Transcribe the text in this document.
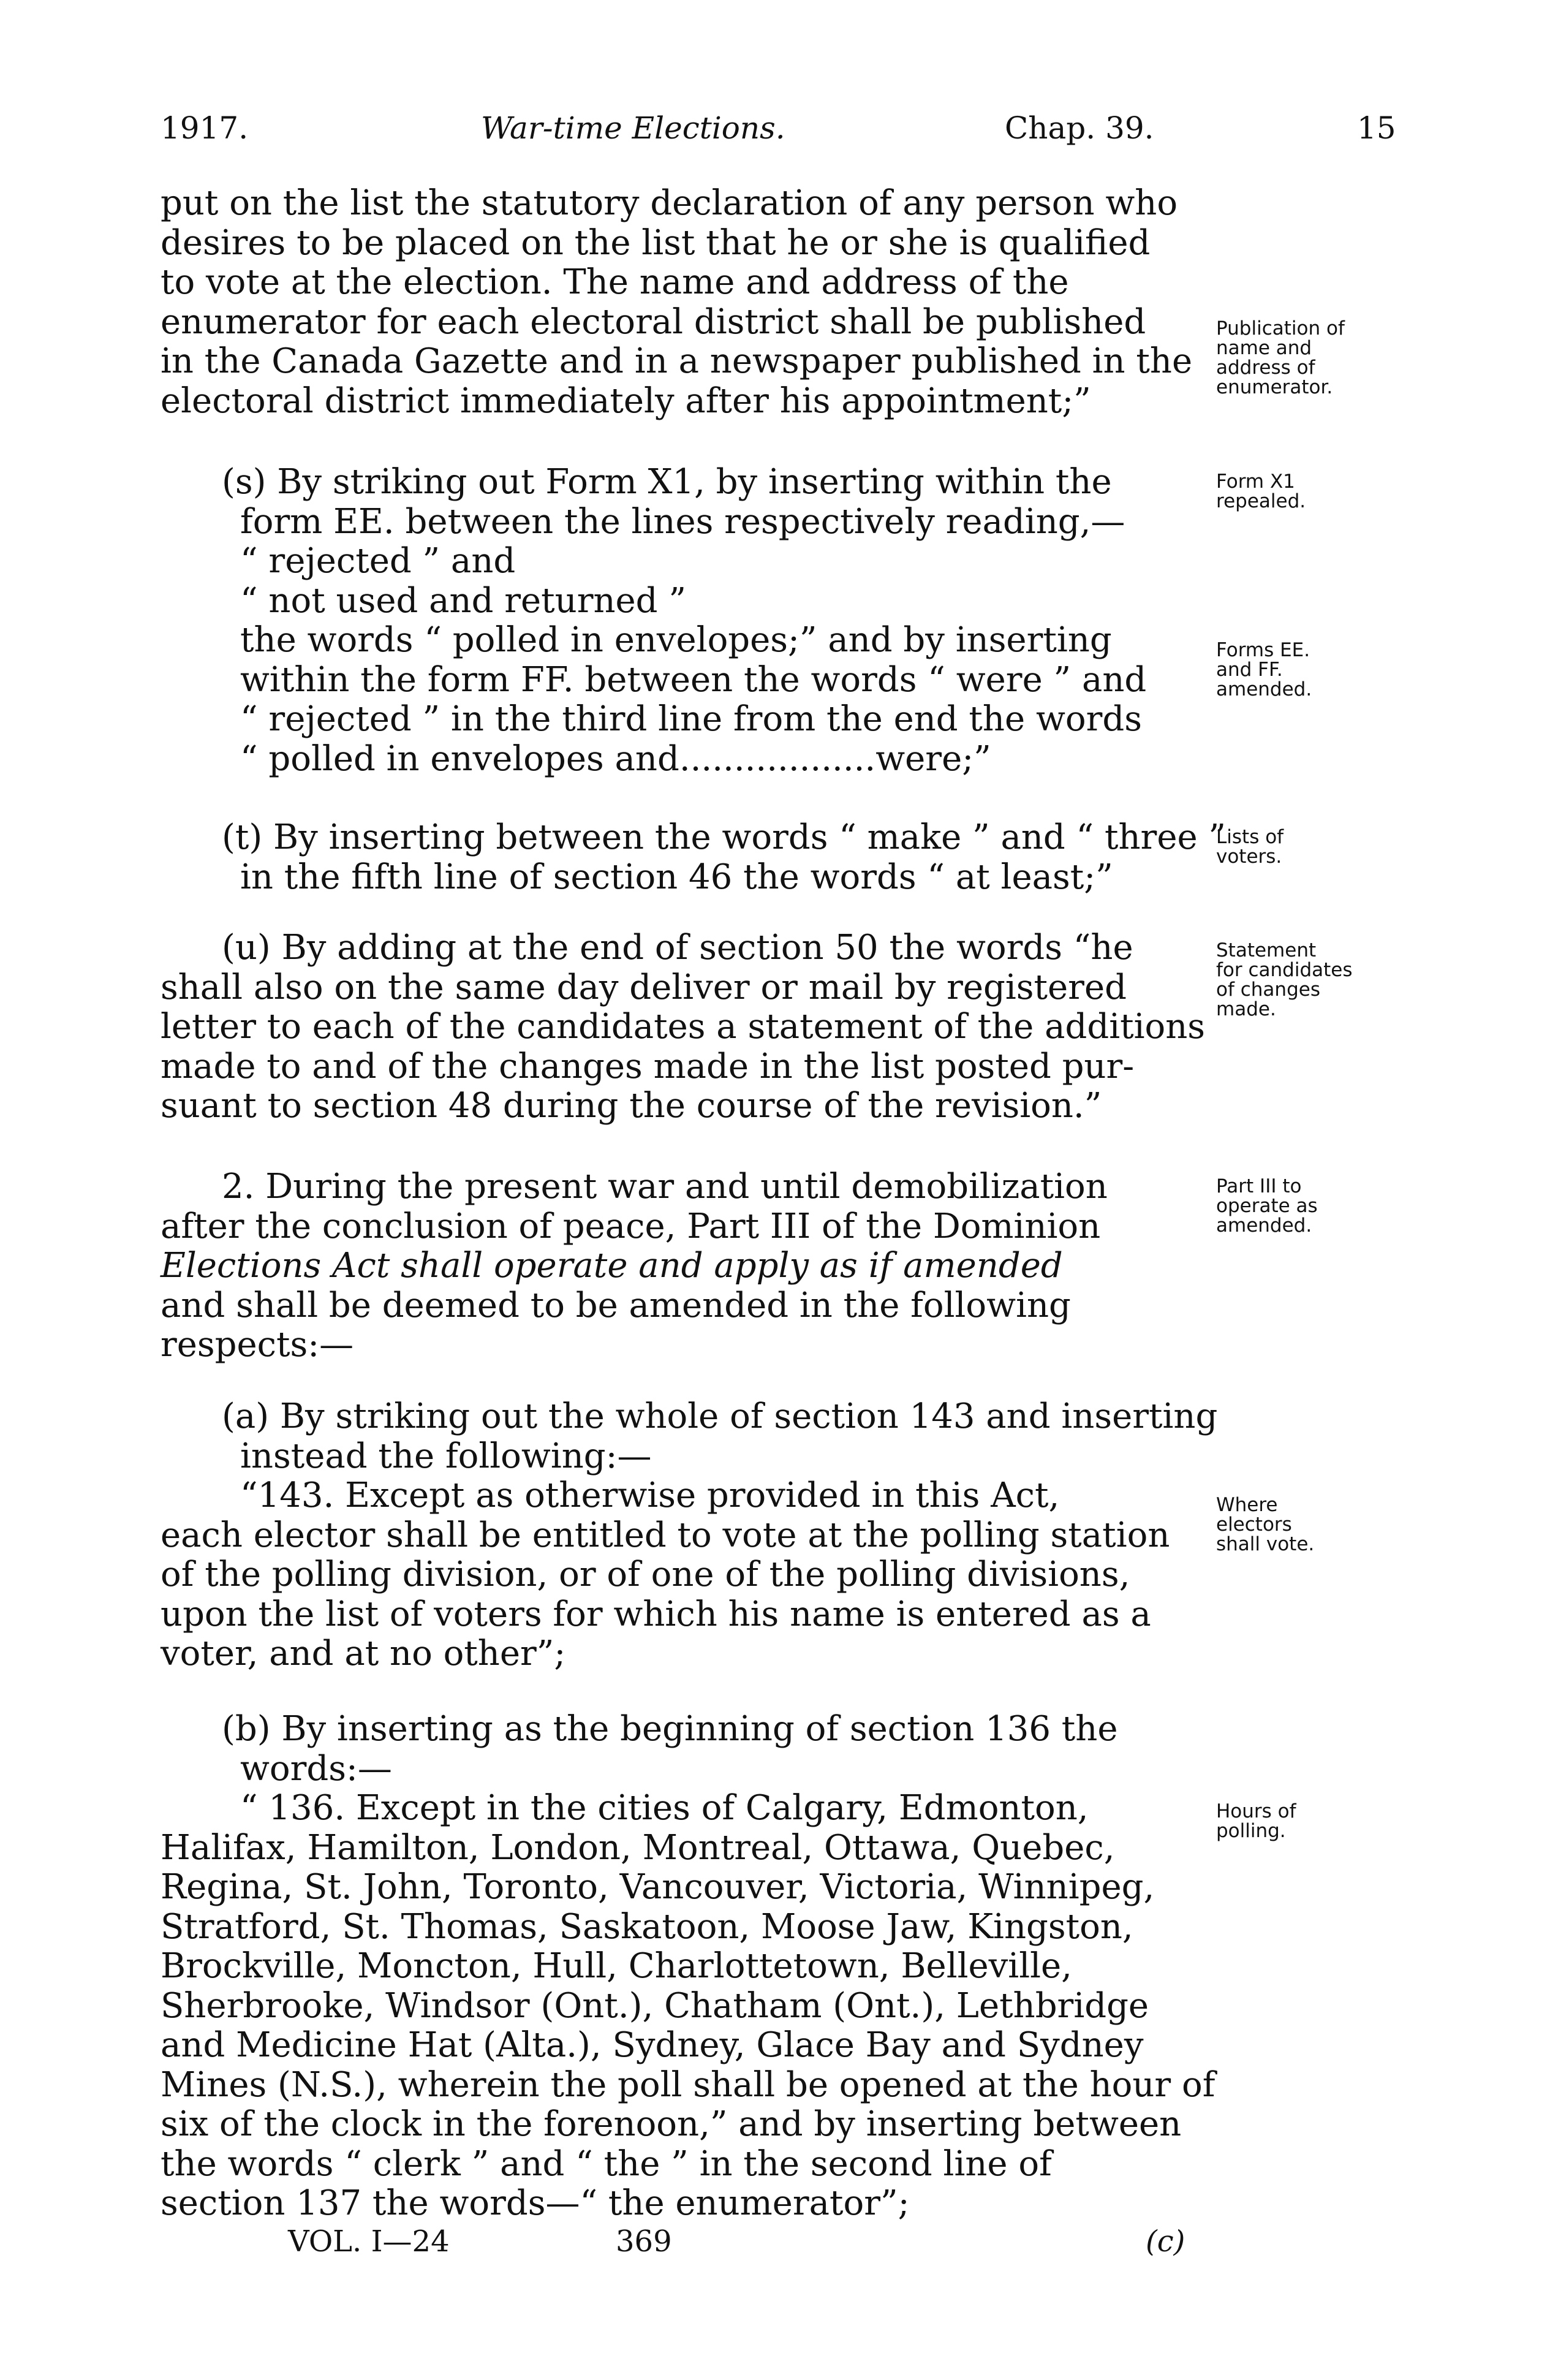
1917.	War-time Elections.	Chap. 39.	15
put on the list the statutory declaration of any person who
desires to be placed on the list that he or she is qualified
to vote at the election. The name and address of the
enumerator for each electoral district shall be published
in the Canada Gazette and in a newspaper published in the
electoral district immediately after his appointment;”
(s) By striking out Form X1, by inserting within the
form EE. between the lines respectively reading,—
“ rejected ” and
“ not used and returned ”
the words “ polled in envelopes;” and by inserting
within the form FF. between the words “ were ” and
“ rejected ” in the third line from the end the words
“ polled in envelopes and..................were;”
(t) By inserting between the words “ make ” and “ three ”
in the fifth line of section 46 the words “ at least;”
(u) By adding at the end of section 50 the words “he
shall also on the same day deliver or mail by registered
letter to each of the candidates a statement of the additions
made to and of the changes made in the list posted pur-
suant to section 48 during the course of the revision.”
2. During the present war and until demobilization
after the conclusion of peace, Part III of the Dominion
Elections Act shall operate and apply as if amended
and shall be deemed to be amended in the following
respects:—
(a) By striking out the whole of section 143 and inserting
instead the following:—
“143. Except as otherwise provided in this Act,
each elector shall be entitled to vote at the polling station
of the polling division, or of one of the polling divisions,
upon the list of voters for which his name is entered as a
voter, and at no other”;
(b) By inserting as the beginning of section 136 the
words:—
“ 136. Except in the cities of Calgary, Edmonton,
Halifax, Hamilton, London, Montreal, Ottawa, Quebec,
Regina, St. John, Toronto, Vancouver, Victoria, Winnipeg,
Stratford, St. Thomas, Saskatoon, Moose Jaw, Kingston,
Brockville, Moncton, Hull, Charlottetown, Belleville,
Sherbrooke, Windsor (Ont.), Chatham (Ont.), Lethbridge
and Medicine Hat (Alta.), Sydney, Glace Bay and Sydney
Mines (N.S.), wherein the poll shall be opened at the hour of
six of the clock in the forenoon,” and by inserting between
the words “ clerk ” and “ the ” in the second line of
section 137 the words—“ the enumerator”;
Publication of
name and
address of
enumerator.
Form X1
repealed.
Forms EE.
and FF.
amended.
Lists of
voters.
Statement
for candidates
of changes
made.
Part III to
operate as
amended.
Where
electors
shall vote.
Hours of
polling.
VOL. I—24	369	(c)
